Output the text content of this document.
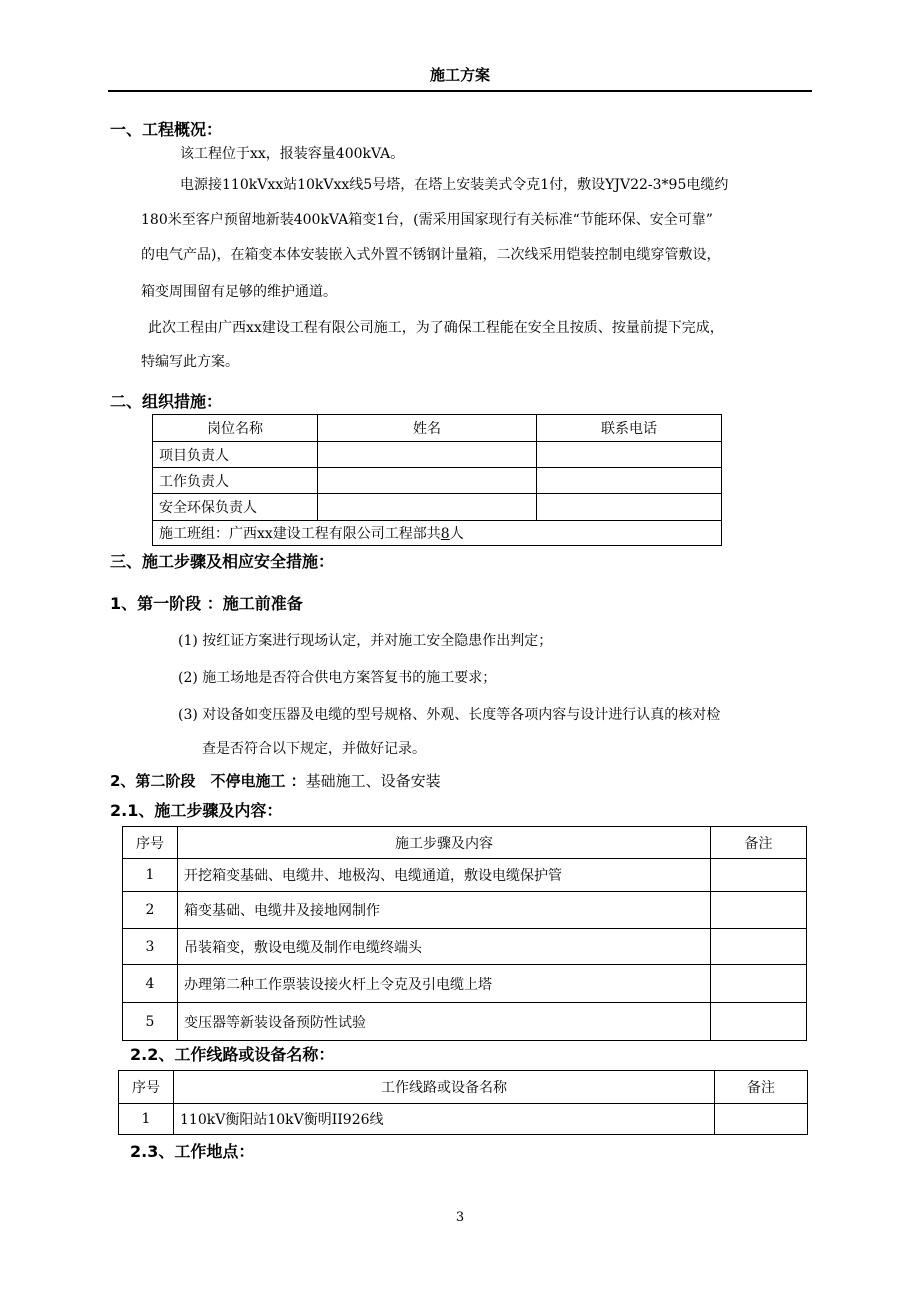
施工方案
一、工程概况：
该工程位于xx，报装容量400kVA。
电源接110kVxx站10kVxx线5号塔，在塔上安装美式令克1付，敷设YJV22-3*95电缆约
180米至客户预留地新装400kVA箱变1台，(需采用国家现行有关标准“节能环保、安全可靠”
的电气产品)，在箱变本体安装嵌入式外置不锈钢计量箱，二次线采用铠装控制电缆穿管敷设，
箱变周围留有足够的维护通道。
此次工程由广西xx建设工程有限公司施工，为了确保工程能在安全且按质、按量前提下完成，
特编写此方案。
二、组织措施：
岗位名称	姓名	联系电话
项目负责人		
工作负责人		
安全环保负责人		
施工班组：广西xx建设工程有限公司工程部共8人		
三、施工步骤及相应安全措施：
1、第一阶段 ：施工前准备
(1) 按红证方案进行现场认定，并对施工安全隐患作出判定；
(2) 施工场地是否符合供电方案答复书的施工要求；
(3) 对设备如变压器及电缆的型号规格、外观、长度等各项内容与设计进行认真的核对检
查是否符合以下规定，并做好记录。
2、第二阶段　不停电施工 ：基础施工、设备安装
2.1、施工步骤及内容：
序号	施工步骤及内容	备注
1	开挖箱变基础、电缆井、地极沟、电缆通道，敷设电缆保护管	
2	箱变基础、电缆井及接地网制作	
3	吊装箱变，敷设电缆及制作电缆终端头	
4	办理第二种工作票装设接火杆上令克及引电缆上塔	
5	变压器等新装设备预防性试验	
2.2、工作线路或设备名称：
序号	工作线路或设备名称	备注
1	110kV衡阳站10kV衡明II926线	
2.3、工作地点：
3
